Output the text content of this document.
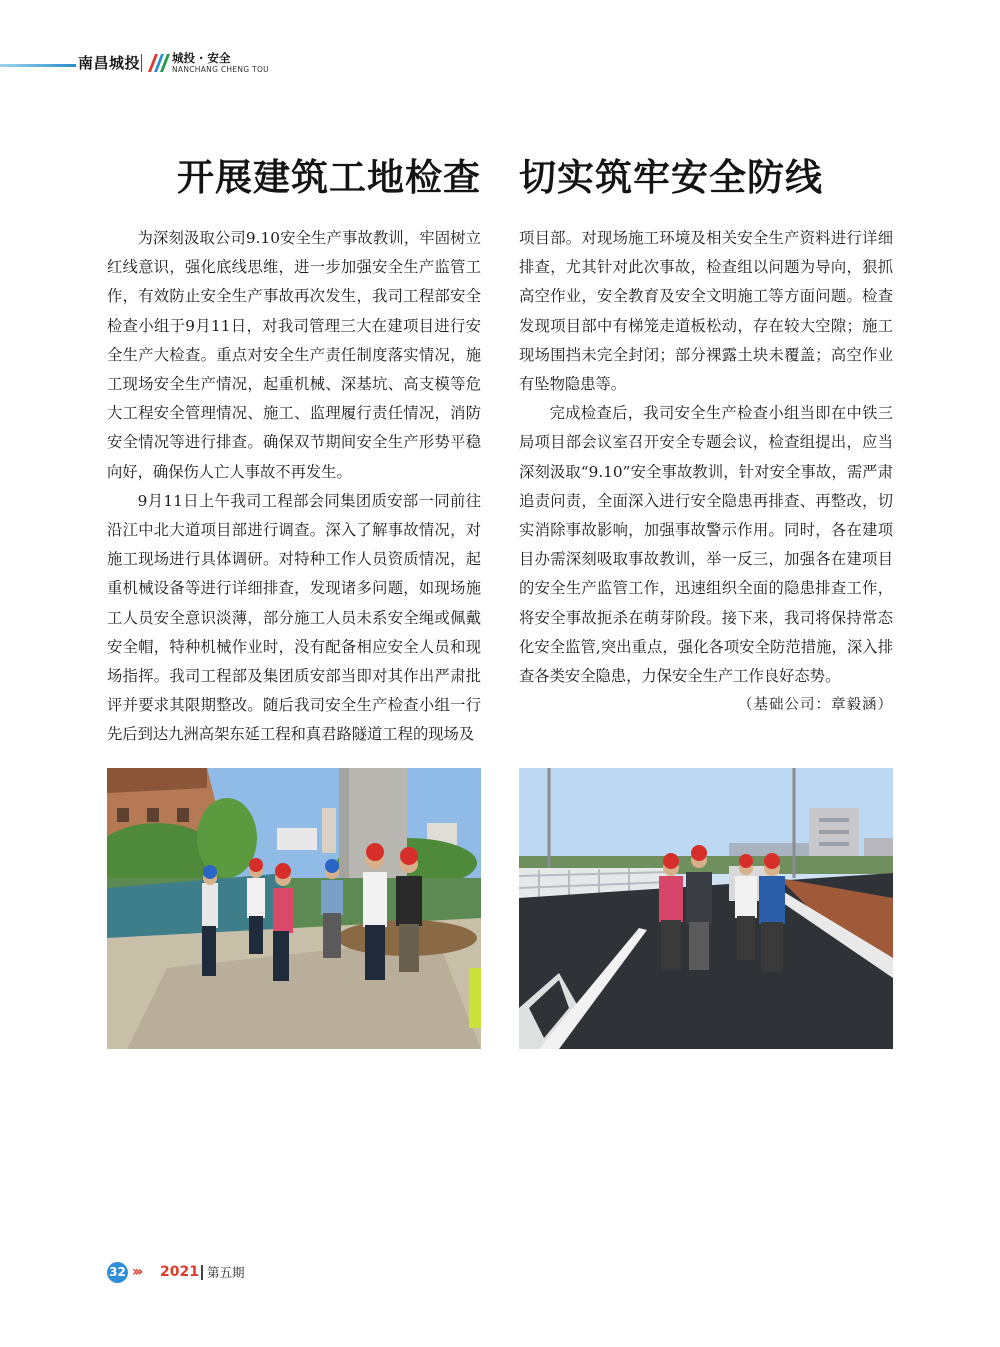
南昌城投	城投 · 安全
NANCHANG CHENG TOU
开展建筑工地检查　切实筑牢安全防线

为深刻汲取公司9.10安全生产事故教训，牢固树立红线意识，强化底线思维，进一步加强安全生产监管工作，有效防止安全生产事故再次发生，我司工程部安全检查小组于9月11日，对我司管理三大在建项目进行安全生产大检查。重点对安全生产责任制度落实情况，施工现场安全生产情况，起重机械、深基坑、高支模等危大工程安全管理情况、施工、监理履行责任情况，消防安全情况等进行排查。确保双节期间安全生产形势平稳向好，确保伤人亡人事故不再发生。

9月11日上午我司工程部会同集团质安部一同前往沿江中北大道项目部进行调查。深入了解事故情况，对施工现场进行具体调研。对特种工作人员资质情况，起重机械设备等进行详细排查，发现诸多问题，如现场施工人员安全意识淡薄，部分施工人员未系安全绳或佩戴安全帽，特种机械作业时，没有配备相应安全人员和现场指挥。我司工程部及集团质安部当即对其作出严肃批评并要求其限期整改。随后我司安全生产检查小组一行先后到达九洲高架东延工程和真君路隧道工程的现场及

项目部。对现场施工环境及相关安全生产资料进行详细排查，尤其针对此次事故，检查组以问题为导向，狠抓高空作业，安全教育及安全文明施工等方面问题。检查发现项目部中有梯笼走道板松动，存在较大空隙；施工现场围挡未完全封闭；部分裸露土块未覆盖；高空作业有坠物隐患等。

完成检查后，我司安全生产检查小组当即在中铁三局项目部会议室召开安全专题会议，检查组提出，应当深刻汲取“9.10”安全事故教训，针对安全事故，需严肃追责问责，全面深入进行安全隐患再排查、再整改，切实消除事故影响，加强事故警示作用。同时，各在建项目办需深刻吸取事故教训，举一反三，加强各在建项目的安全生产监管工作，迅速组织全面的隐患排查工作，将安全事故扼杀在萌芽阶段。接下来，我司将保持常态化安全监管,突出重点，强化各项安全防范措施，深入排查各类安全隐患，力保安全生产工作良好态势。

（基础公司：章毅涵）

32 ››› 2021 第五期
